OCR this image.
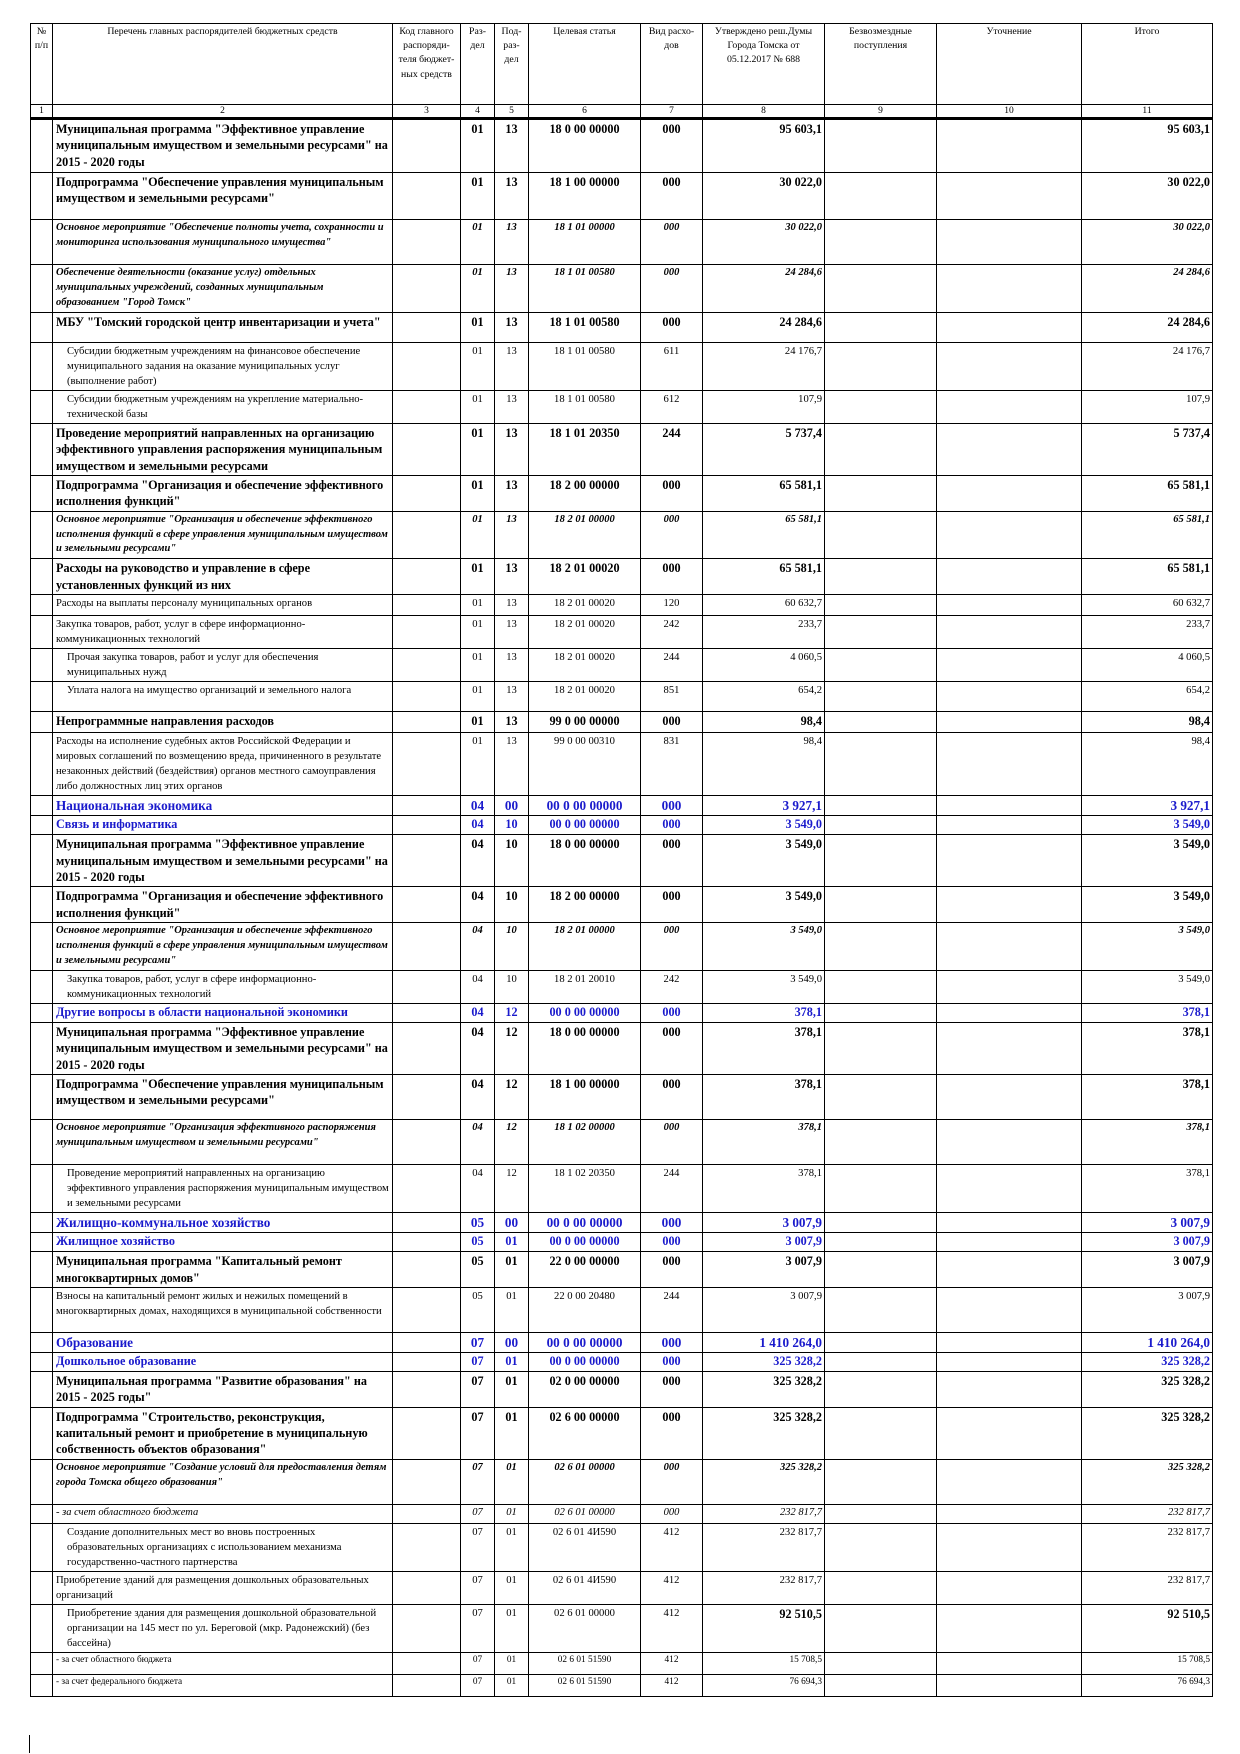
№ п/п	Перечень главных распорядителей бюджетных средств	Код главного распоряди-теля бюджет-ных средств	Раз-дел	Под-раз-дел	Целевая статья	Вид расхо-дов	Утверждено реш.Думы Города Томска от 05.12.2017 № 688	Безвозмездные поступления	Уточнение	Итого
1	2	3	4	5	6	7	8	9	10	11
	Муниципальная программа "Эффективное управление муниципальным имуществом и земельными ресурсами" на 2015 - 2020 годы		01	13	18 0 00 00000	000	95 603,1			95 603,1
	Подпрограмма "Обеспечение управления муниципальным имуществом и земельными ресурсами"		01	13	18 1 00 00000	000	30 022,0			30 022,0
	Основное мероприятие "Обеспечение полноты учета, сохранности и мониторинга использования муниципального имущества"		01	13	18 1 01 00000	000	30 022,0			30 022,0
	Обеспечение деятельности (оказание услуг) отдельных муниципальных учреждений, созданных муниципальным образованием "Город Томск"		01	13	18 1 01 00580	000	24 284,6			24 284,6
	МБУ "Томский городской центр инвентаризации и учета"		01	13	18 1 01 00580	000	24 284,6			24 284,6
	Субсидии бюджетным учреждениям на финансовое обеспечение муниципального задания на оказание муниципальных услуг (выполнение работ)		01	13	18 1 01 00580	611	24 176,7			24 176,7
	Субсидии бюджетным учреждениям на укрепление материально-технической базы		01	13	18 1 01 00580	612	107,9			107,9
	Проведение мероприятий направленных на организацию эффективного управления распоряжения муниципальным имуществом и земельными ресурсами		01	13	18 1 01 20350	244	5 737,4			5 737,4
	Подпрограмма "Организация и обеспечение эффективного исполнения функций"		01	13	18 2 00 00000	000	65 581,1			65 581,1
	Основное мероприятие "Организация и обеспечение эффективного исполнения функций в сфере управления муниципальным имуществом и земельными ресурсами"		01	13	18 2 01 00000	000	65 581,1			65 581,1
	Расходы на руководство и управление в сфере установленных функций из них		01	13	18 2 01 00020	000	65 581,1			65 581,1
	Расходы на выплаты персоналу муниципальных органов		01	13	18 2 01 00020	120	60 632,7			60 632,7
	Закупка товаров, работ, услуг в сфере информационно-коммуникационных технологий		01	13	18 2 01 00020	242	233,7			233,7
	Прочая закупка товаров, работ и услуг для обеспечения муниципальных нужд		01	13	18 2 01 00020	244	4 060,5			4 060,5
	Уплата налога на имущество организаций и земельного налога		01	13	18 2 01 00020	851	654,2			654,2
	Непрограммные направления расходов		01	13	99 0 00 00000	000	98,4			98,4
	Расходы на исполнение судебных актов Российской Федерации и мировых соглашений по возмещению вреда, причиненного в результате незаконных действий (бездействия) органов местного самоуправления либо должностных лиц этих органов		01	13	99 0 00 00310	831	98,4			98,4
	Национальная экономика		04	00	00 0 00 00000	000	3 927,1			3 927,1
	Связь и информатика		04	10	00 0 00 00000	000	3 549,0			3 549,0
	Муниципальная программа "Эффективное управление муниципальным имуществом и земельными ресурсами" на 2015 - 2020 годы		04	10	18 0 00 00000	000	3 549,0			3 549,0
	Подпрограмма "Организация и обеспечение эффективного исполнения функций"		04	10	18 2 00 00000	000	3 549,0			3 549,0
	Основное мероприятие "Организация и обеспечение эффективного исполнения функций в сфере управления муниципальным имуществом и земельными ресурсами"		04	10	18 2 01 00000	000	3 549,0			3 549,0
	Закупка товаров, работ, услуг в сфере информационно-коммуникационных технологий		04	10	18 2 01 20010	242	3 549,0			3 549,0
	Другие вопросы в области национальной экономики		04	12	00 0 00 00000	000	378,1			378,1
	Муниципальная программа "Эффективное управление муниципальным имуществом и земельными ресурсами" на 2015 - 2020 годы		04	12	18 0 00 00000	000	378,1			378,1
	Подпрограмма "Обеспечение управления муниципальным имуществом и земельными ресурсами"		04	12	18 1 00 00000	000	378,1			378,1
	Основное мероприятие "Организация эффективного распоряжения муниципальным имуществом и земельными ресурсами"		04	12	18 1 02 00000	000	378,1			378,1
	Проведение мероприятий направленных на организацию эффективного управления распоряжения муниципальным имуществом и земельными ресурсами		04	12	18 1 02 20350	244	378,1			378,1
	Жилищно-коммунальное хозяйство		05	00	00 0 00 00000	000	3 007,9			3 007,9
	Жилищное хозяйство		05	01	00 0 00 00000	000	3 007,9			3 007,9
	Муниципальная программа "Капитальный ремонт многоквартирных домов"		05	01	22 0 00 00000	000	3 007,9			3 007,9
	Взносы на капитальный ремонт жилых и нежилых помещений в многоквартирных домах, находящихся в муниципальной собственности		05	01	22 0 00 20480	244	3 007,9			3 007,9
	Образование		07	00	00 0 00 00000	000	1 410 264,0			1 410 264,0
	Дошкольное образование		07	01	00 0 00 00000	000	325 328,2			325 328,2
	Муниципальная программа "Развитие образования" на 2015 - 2025 годы"		07	01	02 0 00 00000	000	325 328,2			325 328,2
	Подпрограмма "Строительство, реконструкция, капитальный ремонт и приобретение в муниципальную собственность объектов образования"		07	01	02 6 00 00000	000	325 328,2			325 328,2
	Основное мероприятие "Создание условий для предоставления детям города Томска общего образования"		07	01	02 6 01 00000	000	325 328,2			325 328,2
	- за счет областного бюджета		07	01	02 6 01 00000	000	232 817,7			232 817,7
	Создание дополнительных мест во вновь построенных образовательных организациях с использованием механизма государственно-частного партнерства		07	01	02 6 01 4И590	412	232 817,7			232 817,7
	Приобретение зданий для размещения дошкольных образовательных организаций		07	01	02 6 01 4И590	412	232 817,7			232 817,7
	Приобретение здания для размещения дошкольной образовательной организации на 145 мест по ул. Береговой (мкр. Радонежский) (без бассейна)		07	01	02 6 01 00000	412	92 510,5			92 510,5
	- за счет областного бюджета		07	01	02 6 01 51590	412	15 708,5			15 708,5
	- за счет федерального бюджета		07	01	02 6 01 51590	412	76 694,3			76 694,3
